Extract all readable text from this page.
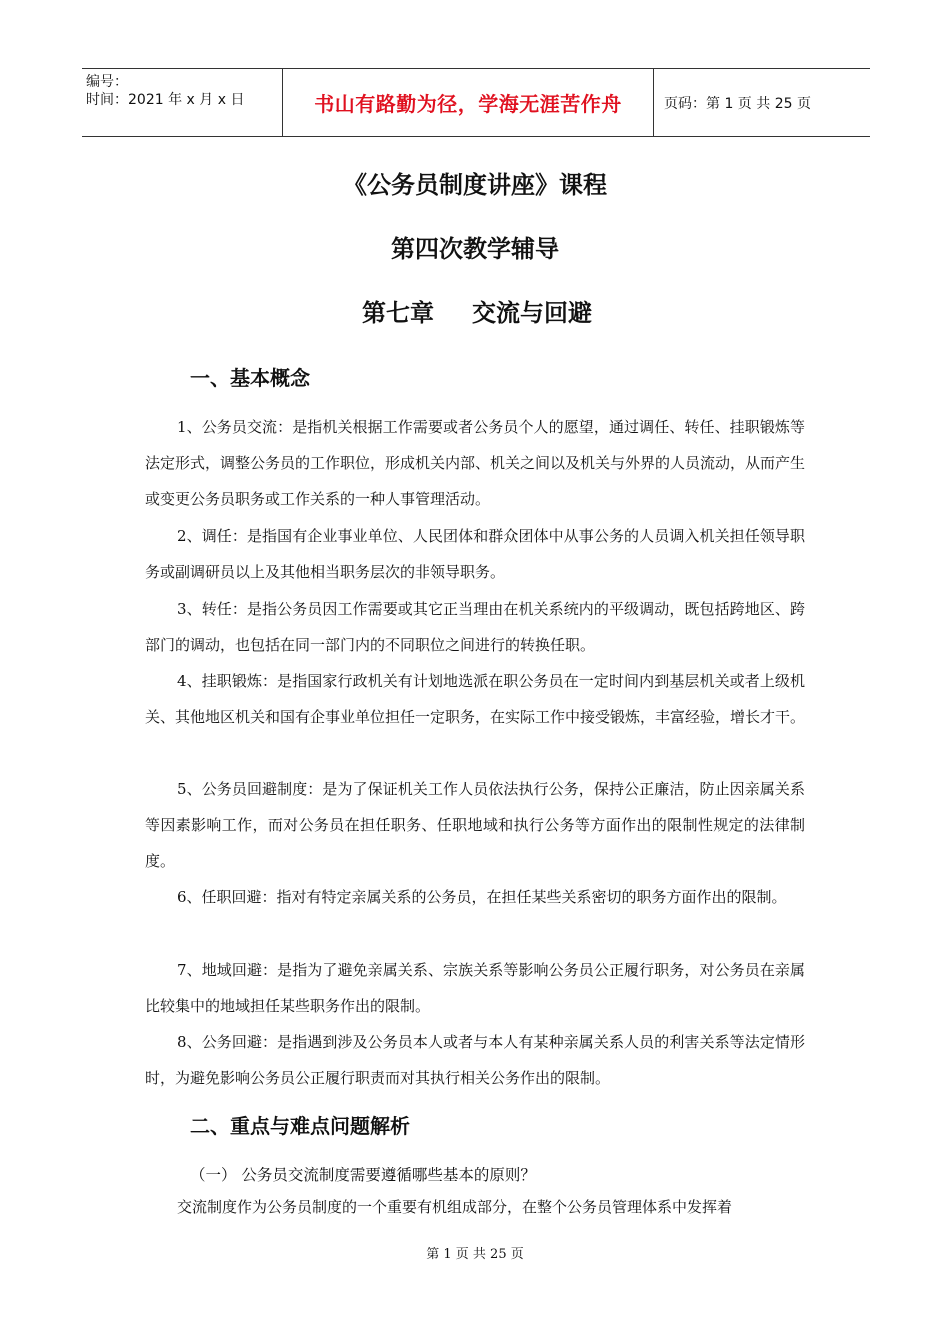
编号：
时间：2021 年 x 月 x 日	书山有路勤为径，学海无涯苦作舟	页码：第 1 页 共 25 页
《公务员制度讲座》课程
第四次教学辅导
第七章 交流与回避
一、基本概念
1、公务员交流：是指机关根据工作需要或者公务员个人的愿望，通过调任、转任、挂职锻炼等法定形式，调整公务员的工作职位，形成机关内部、机关之间以及机关与外界的人员流动，从而产生或变更公务员职务或工作关系的一种人事管理活动。
2、调任：是指国有企业事业单位、人民团体和群众团体中从事公务的人员调入机关担任领导职务或副调研员以上及其他相当职务层次的非领导职务。
3、转任：是指公务员因工作需要或其它正当理由在机关系统内的平级调动，既包括跨地区、跨部门的调动，也包括在同一部门内的不同职位之间进行的转换任职。
4、挂职锻炼：是指国家行政机关有计划地选派在职公务员在一定时间内到基层机关或者上级机关、其他地区机关和国有企事业单位担任一定职务，在实际工作中接受锻炼，丰富经验，增长才干。
5、公务员回避制度：是为了保证机关工作人员依法执行公务，保持公正廉洁，防止因亲属关系等因素影响工作，而对公务员在担任职务、任职地域和执行公务等方面作出的限制性规定的法律制度。
6、任职回避：指对有特定亲属关系的公务员，在担任某些关系密切的职务方面作出的限制。
7、地域回避：是指为了避免亲属关系、宗族关系等影响公务员公正履行职务，对公务员在亲属比较集中的地域担任某些职务作出的限制。
8、公务回避：是指遇到涉及公务员本人或者与本人有某种亲属关系人员的利害关系等法定情形时，为避免影响公务员公正履行职责而对其执行相关公务作出的限制。
二、重点与难点问题解析
（一） 公务员交流制度需要遵循哪些基本的原则？
交流制度作为公务员制度的一个重要有机组成部分，在整个公务员管理体系中发挥着
第 1 页 共 25 页
